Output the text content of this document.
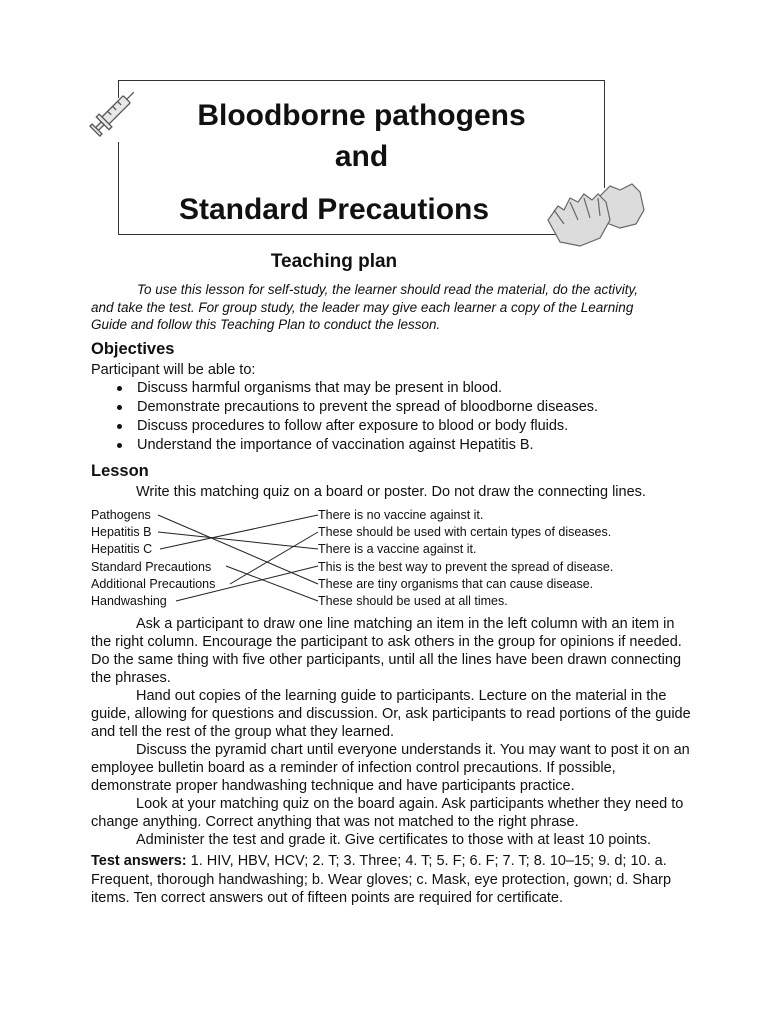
Bloodborne pathogens
and
Standard Precautions
Teaching plan
To use this lesson for self-study, the learner should read the material, do the activity, and take the test. For group study, the leader may give each learner a copy of the Learning Guide and follow this Teaching Plan to conduct the lesson.
Objectives
Participant will be able to:
Discuss harmful organisms that may be present in blood.
Demonstrate precautions to prevent the spread of bloodborne diseases.
Discuss procedures to follow after exposure to blood or body fluids.
Understand the importance of vaccination against Hepatitis B.
Lesson
Write this matching quiz on a board or poster. Do not draw the connecting lines.
Pathogens
Hepatitis B
Hepatitis C
Standard Precautions
Additional Precautions
Handwashing
There is no vaccine against it.
These should be used with certain types of diseases.
There is a vaccine against it.
This is the best way to prevent the spread of disease.
These are tiny organisms that can cause disease.
These should be used at all times.

Ask a participant to draw one line matching an item in the left column with an item in the right column. Encourage the participant to ask others in the group for opinions if needed. Do the same thing with five other participants, until all the lines have been drawn connecting the phrases.

Hand out copies of the learning guide to participants. Lecture on the material in the guide, allowing for questions and discussion. Or, ask participants to read portions of the guide and tell the rest of the group what they learned.

Discuss the pyramid chart until everyone understands it. You may want to post it on an employee bulletin board as a reminder of infection control precautions. If possible, demonstrate proper handwashing technique and have participants practice.

Look at your matching quiz on the board again. Ask participants whether they need to change anything. Correct anything that was not matched to the right phrase.

Administer the test and grade it. Give certificates to those with at least 10 points.

Test answers: 1. HIV, HBV, HCV; 2. T; 3. Three; 4. T; 5. F; 6. F; 7. T; 8. 10–15; 9. d; 10. a. Frequent, thorough handwashing; b. Wear gloves; c. Mask, eye protection, gown; d. Sharp items. Ten correct answers out of fifteen points are required for certificate.
